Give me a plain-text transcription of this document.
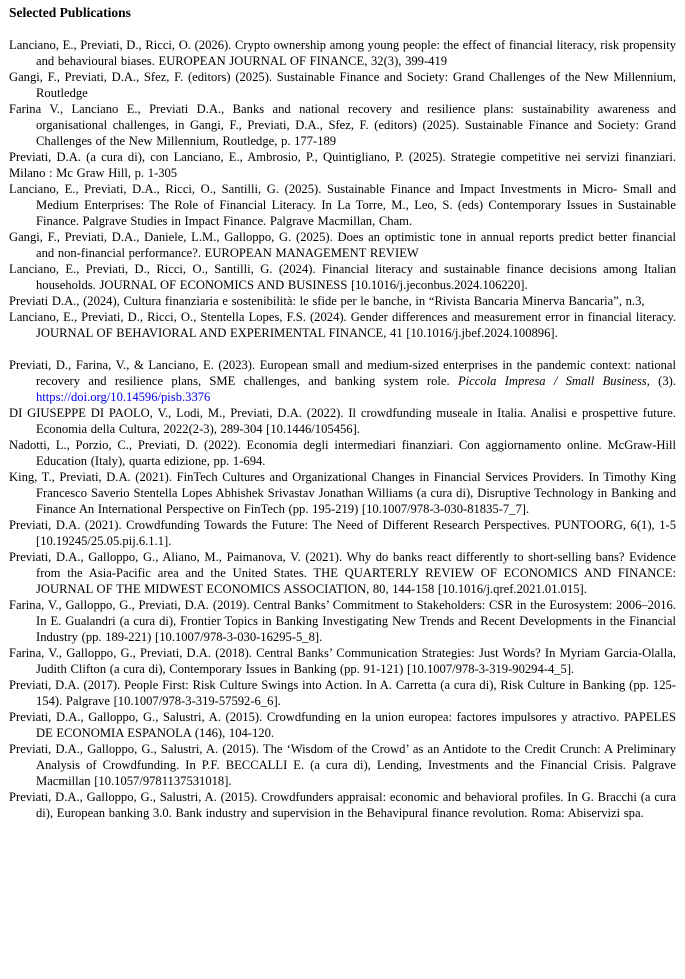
Selected Publications

Lanciano, E., Previati, D., Ricci, O. (2026). Crypto ownership among young people: the effect of financial literacy, risk propensity and behavioural biases. EUROPEAN JOURNAL OF FINANCE, 32(3), 399-419

Gangi, F., Previati, D.A., Sfez, F. (editors) (2025). Sustainable Finance and Society: Grand Challenges of the New Millennium, Routledge

Farina V., Lanciano E., Previati D.A., Banks and national recovery and resilience plans: sustainability awareness and organisational challenges, in Gangi, F., Previati, D.A., Sfez, F. (editors) (2025). Sustainable Finance and Society: Grand Challenges of the New Millennium, Routledge, p. 177-189

Previati, D.A. (a cura di), con Lanciano, E., Ambrosio, P., Quintigliano, P. (2025). Strategie competitive nei servizi finanziari. Milano : Mc Graw Hill, p. 1-305

Lanciano, E., Previati, D.A., Ricci, O., Santilli, G. (2025). Sustainable Finance and Impact Investments in Micro- Small and Medium Enterprises: The Role of Financial Literacy. In La Torre, M., Leo, S. (eds) Contemporary Issues in Sustainable Finance. Palgrave Studies in Impact Finance. Palgrave Macmillan, Cham.

Gangi, F., Previati, D.A., Daniele, L.M., Galloppo, G. (2025). Does an optimistic tone in annual reports predict better financial and non-financial performance?. EUROPEAN MANAGEMENT REVIEW

Lanciano, E., Previati, D., Ricci, O., Santilli, G. (2024). Financial literacy and sustainable finance decisions among Italian households. JOURNAL OF ECONOMICS AND BUSINESS [10.1016/j.jeconbus.2024.106220].

Previati D.A., (2024), Cultura finanziaria e sostenibilità: le sfide per le banche, in “Rivista Bancaria Minerva Bancaria”, n.3,

Lanciano, E., Previati, D., Ricci, O., Stentella Lopes, F.S. (2024). Gender differences and measurement error in financial literacy. JOURNAL OF BEHAVIORAL AND EXPERIMENTAL FINANCE, 41 [10.1016/j.jbef.2024.100896].

Previati, D., Farina, V., & Lanciano, E. (2023). European small and medium-sized enterprises in the pandemic context: national recovery and resilience plans, SME challenges, and banking system role. Piccola Impresa / Small Business, (3). https://doi.org/10.14596/pisb.3376

DI GIUSEPPE DI PAOLO, V., Lodi, M., Previati, D.A. (2022). Il crowdfunding museale in Italia. Analisi e prospettive future. Economia della Cultura, 2022(2-3), 289-304 [10.1446/105456].

Nadotti, L., Porzio, C., Previati, D. (2022). Economia degli intermediari finanziari. Con aggiornamento online. McGraw-Hill Education (Italy), quarta edizione, pp. 1-694.

King, T., Previati, D.A. (2021). FinTech Cultures and Organizational Changes in Financial Services Providers. In Timothy King Francesco Saverio Stentella Lopes Abhishek Srivastav Jonathan Williams (a cura di), Disruptive Technology in Banking and Finance An International Perspective on FinTech (pp. 195-219) [10.1007/978-3-030-81835-7_7].

Previati, D.A. (2021). Crowdfunding Towards the Future: The Need of Different Research Perspectives. PUNTOORG, 6(1), 1-5 [10.19245/25.05.pij.6.1.1].

Previati, D.A., Galloppo, G., Aliano, M., Paimanova, V. (2021). Why do banks react differently to short-selling bans? Evidence from the Asia-Pacific area and the United States. THE QUARTERLY REVIEW OF ECONOMICS AND FINANCE: JOURNAL OF THE MIDWEST ECONOMICS ASSOCIATION, 80, 144-158 [10.1016/j.qref.2021.01.015].

Farina, V., Galloppo, G., Previati, D.A. (2019). Central Banks’ Commitment to Stakeholders: CSR in the Eurosystem: 2006–2016. In E. Gualandri (a cura di), Frontier Topics in Banking Investigating New Trends and Recent Developments in the Financial Industry (pp. 189-221) [10.1007/978-3-030-16295-5_8].

Farina, V., Galloppo, G., Previati, D.A. (2018). Central Banks’ Communication Strategies: Just Words? In Myriam Garcia-Olalla, Judith Clifton (a cura di), Contemporary Issues in Banking (pp. 91-121) [10.1007/978-3-319-90294-4_5].

Previati, D.A. (2017). People First: Risk Culture Swings into Action. In A. Carretta (a cura di), Risk Culture in Banking (pp. 125-154). Palgrave [10.1007/978-3-319-57592-6_6].

Previati, D.A., Galloppo, G., Salustri, A. (2015). Crowdfunding en la union europea: factores impulsores y atractivo. PAPELES DE ECONOMIA ESPANOLA (146), 104-120.

Previati, D.A., Galloppo, G., Salustri, A. (2015). The ‘Wisdom of the Crowd’ as an Antidote to the Credit Crunch: A Preliminary Analysis of Crowdfunding. In P.F. BECCALLI E. (a cura di), Lending, Investments and the Financial Crisis. Palgrave Macmillan [10.1057/9781137531018].

Previati, D.A., Galloppo, G., Salustri, A. (2015). Crowdfunders appraisal: economic and behavioral profiles. In G. Bracchi (a cura di), European banking 3.0. Bank industry and supervision in the Behavipural finance revolution. Roma: Abiservizi spa.
